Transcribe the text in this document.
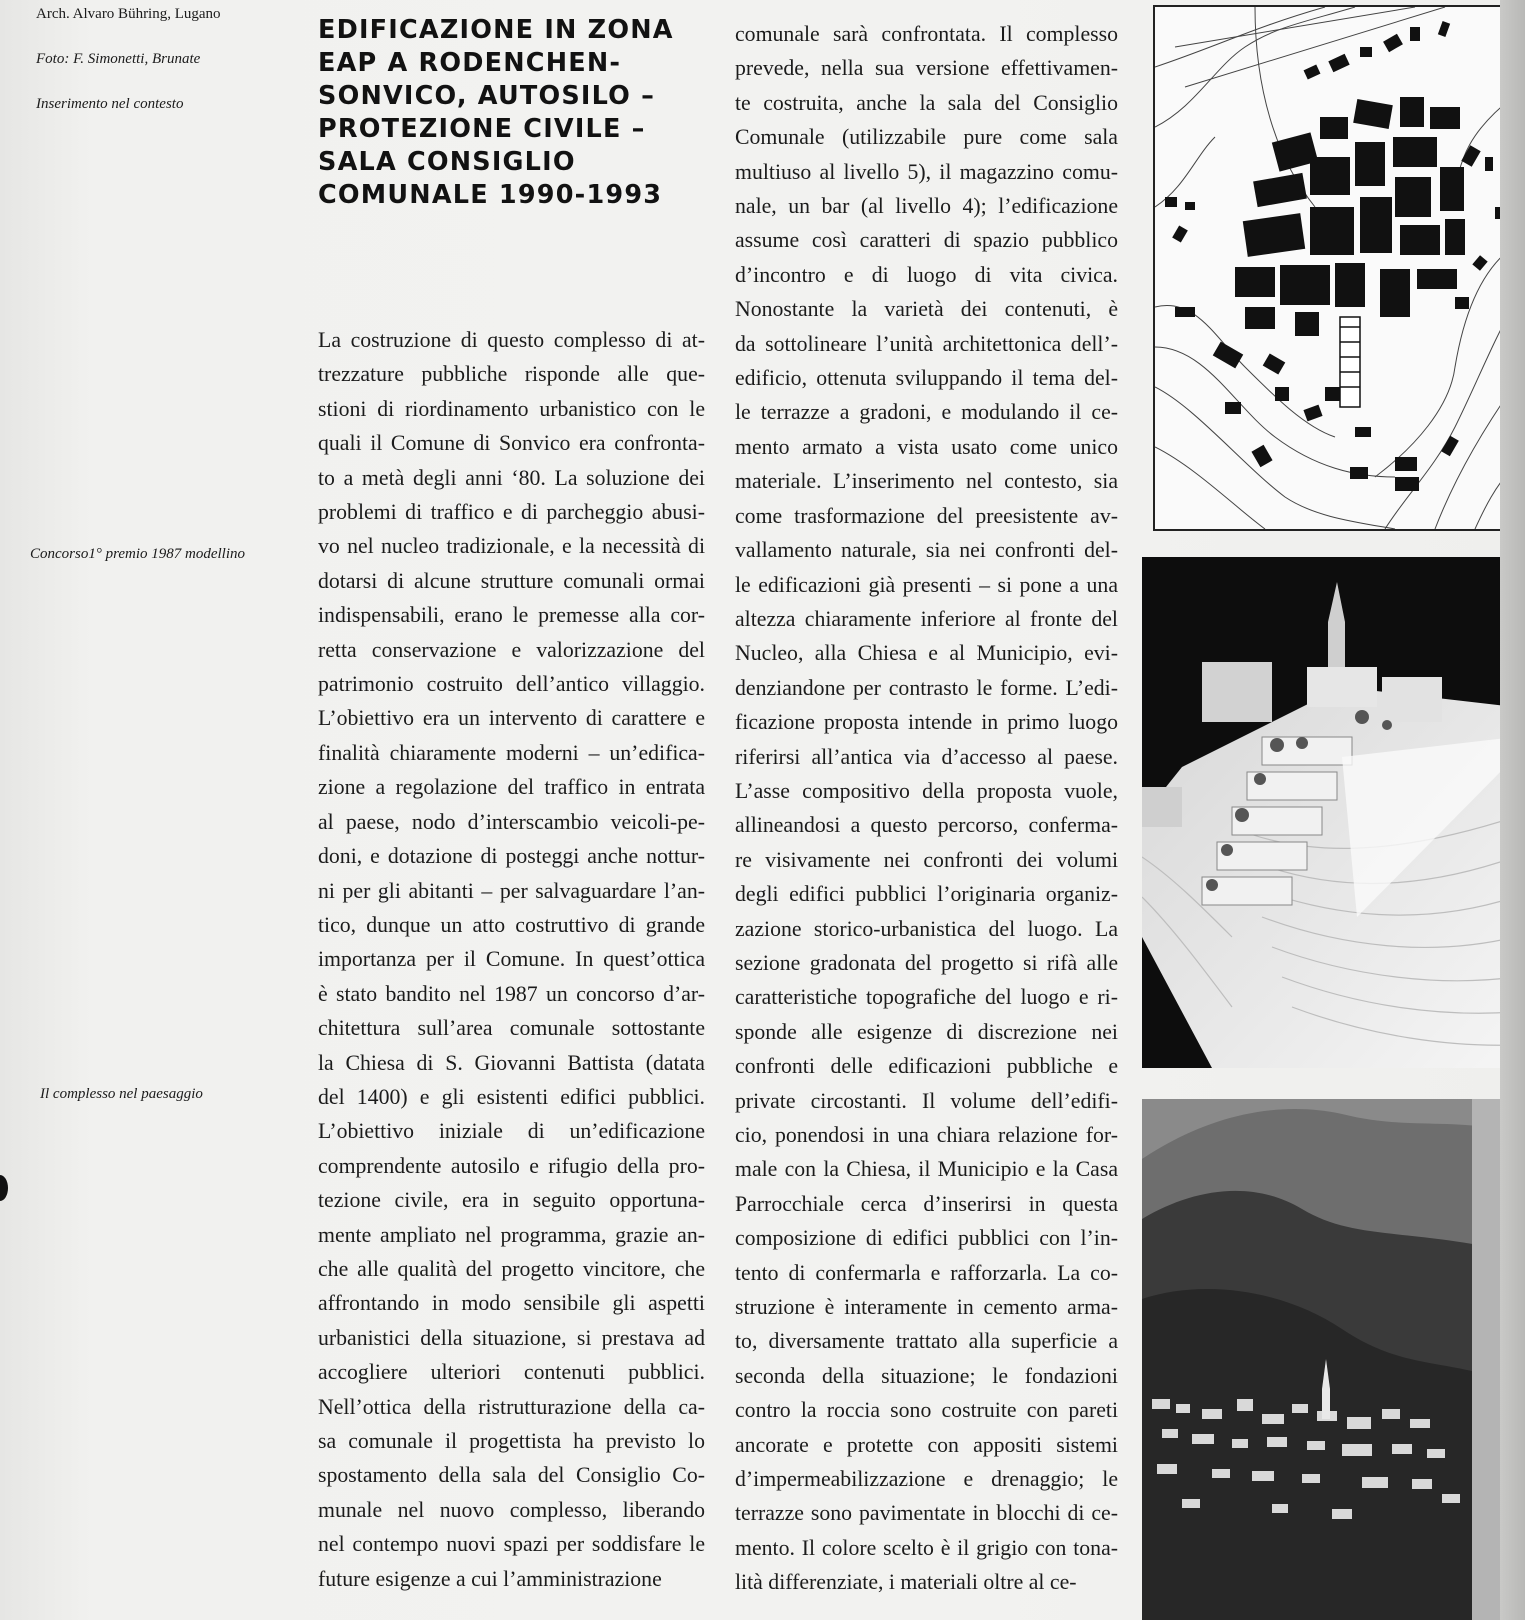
Arch. Alvaro Bühring, Lugano
Foto: F. Simonetti, Brunate
Inserimento nel contesto
Concorso1° premio 1987 modellino
Il complesso nel paesaggio
EDIFICAZIONE IN ZONA
EAP A RODENCHEN-
SONVICO, AUTOSILO –
PROTEZIONE CIVILE –
SALA CONSIGLIO
COMUNALE 1990-1993
La costruzione di questo complesso di at-
trezzature pubbliche risponde alle que-
stioni di riordinamento urbanistico con le
quali il Comune di Sonvico era confronta-
to a metà degli anni ‘80. La soluzione dei
problemi di traffico e di parcheggio abusi-
vo nel nucleo tradizionale, e la necessità di
dotarsi di alcune strutture comunali ormai
indispensabili, erano le premesse alla cor-
retta conservazione e valorizzazione del
patrimonio costruito dell’antico villaggio.
L’obiettivo era un intervento di carattere e
finalità chiaramente moderni – un’edifica-
zione a regolazione del traffico in entrata
al paese, nodo d’interscambio veicoli-pe-
doni, e dotazione di posteggi anche nottur-
ni per gli abitanti – per salvaguardare l’an-
tico, dunque un atto costruttivo di grande
importanza per il Comune. In quest’ottica
è stato bandito nel 1987 un concorso d’ar-
chitettura sull’area comunale sottostante
la Chiesa di S. Giovanni Battista (datata
del 1400) e gli esistenti edifici pubblici.
L’obiettivo iniziale di un’edificazione
comprendente autosilo e rifugio della pro-
tezione civile, era in seguito opportuna-
mente ampliato nel programma, grazie an-
che alle qualità del progetto vincitore, che
affrontando in modo sensibile gli aspetti
urbanistici della situazione, si prestava ad
accogliere ulteriori contenuti pubblici.
Nell’ottica della ristrutturazione della ca-
sa comunale il progettista ha previsto lo
spostamento della sala del Consiglio Co-
munale nel nuovo complesso, liberando
nel contempo nuovi spazi per soddisfare le
future esigenze a cui l’amministrazione
comunale sarà confrontata. Il complesso
prevede, nella sua versione effettivamen-
te costruita, anche la sala del Consiglio
Comunale (utilizzabile pure come sala
multiuso al livello 5), il magazzino comu-
nale, un bar (al livello 4); l’edificazione
assume così caratteri di spazio pubblico
d’incontro e di luogo di vita civica.
Nonostante la varietà dei contenuti, è
da sottolineare l’unità architettonica dell’-
edificio, ottenuta sviluppando il tema del-
le terrazze a gradoni, e modulando il ce-
mento armato a vista usato come unico
materiale. L’inserimento nel contesto, sia
come trasformazione del preesistente av-
vallamento naturale, sia nei confronti del-
le edificazioni già presenti – si pone a una
altezza chiaramente inferiore al fronte del
Nucleo, alla Chiesa e al Municipio, evi-
denziandone per contrasto le forme. L’edi-
ficazione proposta intende in primo luogo
riferirsi all’antica via d’accesso al paese.
L’asse compositivo della proposta vuole,
allineandosi a questo percorso, conferma-
re visivamente nei confronti dei volumi
degli edifici pubblici l’originaria organiz-
zazione storico-urbanistica del luogo. La
sezione gradonata del progetto si rifà alle
caratteristiche topografiche del luogo e ri-
sponde alle esigenze di discrezione nei
confronti delle edificazioni pubbliche e
private circostanti. Il volume dell’edifi-
cio, ponendosi in una chiara relazione for-
male con la Chiesa, il Municipio e la Casa
Parrocchiale cerca d’inserirsi in questa
composizione di edifici pubblici con l’in-
tento di confermarla e rafforzarla. La co-
struzione è interamente in cemento arma-
to, diversamente trattato alla superficie a
seconda della situazione; le fondazioni
contro la roccia sono costruite con pareti
ancorate e protette con appositi sistemi
d’impermeabilizzazione e drenaggio; le
terrazze sono pavimentate in blocchi di ce-
mento. Il colore scelto è il grigio con tona-
lità differenziate, i materiali oltre al ce-
